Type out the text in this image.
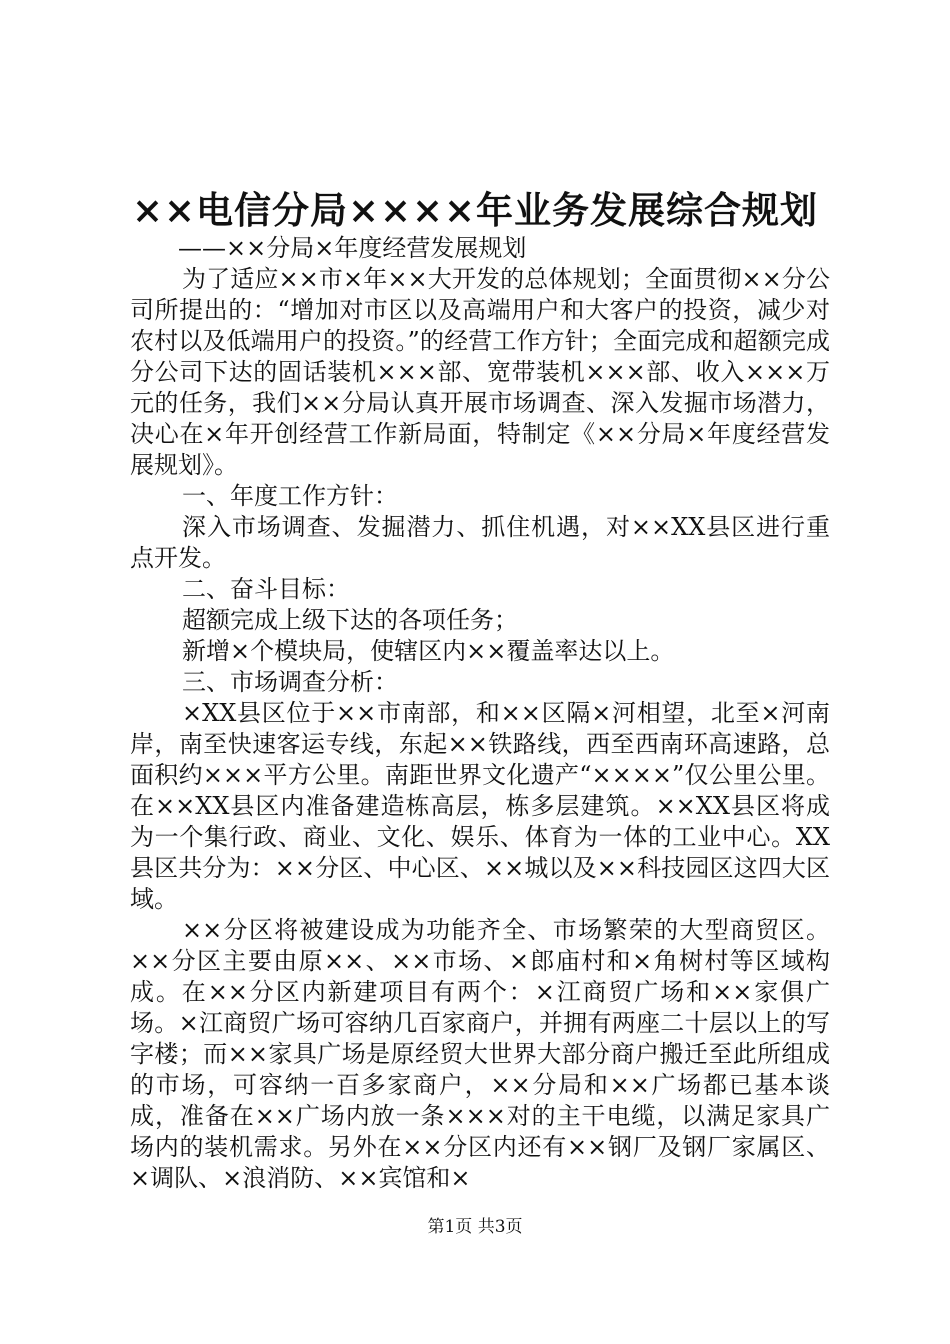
××电信分局××××年业务发展综合规划

——××分局×年度经营发展规划

为了适应××市×年××大开发的总体规划；全面贯彻××分公司所提出的：“增加对市区以及高端用户和大客户的投资，减少对农村以及低端用户的投资。”的经营工作方针；全面完成和超额完成分公司下达的固话装机×××部、宽带装机×××部、收入×××万元的任务，我们××分局认真开展市场调查、深入发掘市场潜力，决心在×年开创经营工作新局面，特制定《××分局×年度经营发展规划》。

一、年度工作方针：

深入市场调查、发掘潜力、抓住机遇，对××XX县区进行重点开发。

二、奋斗目标：

超额完成上级下达的各项任务；

新增×个模块局，使辖区内××覆盖率达以上。

三、市场调查分析：

×XX县区位于××市南部，和××区隔×河相望，北至×河南岸，南至快速客运专线，东起××铁路线，西至西南环高速路，总面积约×××平方公里。南距世界文化遗产“××××”仅公里公里。在××XX县区内准备建造栋高层，栋多层建筑。××XX县区将成为一个集行政、商业、文化、娱乐、体育为一体的工业中心。XX县区共分为：××分区、中心区、××城以及××科技园区这四大区域。

××分区将被建设成为功能齐全、市场繁荣的大型商贸区。××分区主要由原××、××市场、×郎庙村和×角树村等区域构成。在××分区内新建项目有两个：×江商贸广场和××家俱广场。×江商贸广场可容纳几百家商户，并拥有两座二十层以上的写字楼；而××家具广场是原经贸大世界大部分商户搬迁至此所组成的市场，可容纳一百多家商户，××分局和××广场都已基本谈成，准备在××广场内放一条×××对的主干电缆，以满足家具广场内的装机需求。另外在××分区内还有××钢厂及钢厂家属区、×调队、×浪消防、××宾馆和×

第1页 共3页
